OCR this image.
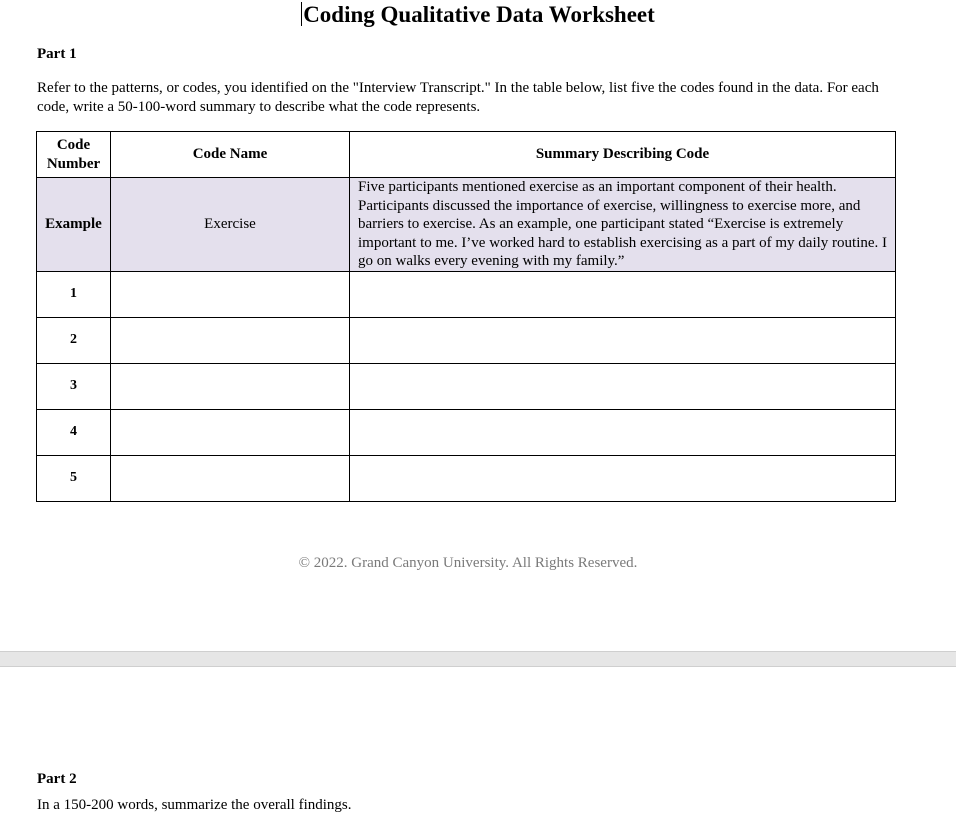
Coding Qualitative Data Worksheet
Part 1
Refer to the patterns, or codes, you identified on the "Interview Transcript." In the table below, list five the codes found in the data. For each code, write a 50-100-word summary to describe what the code represents.
Code Number	Code Name	Summary Describing Code
Example	Exercise	Five participants mentioned exercise as an important component of their health. Participants discussed the importance of exercise, willingness to exercise more, and barriers to exercise. As an example, one participant stated “Exercise is extremely important to me. I’ve worked hard to establish exercising as a part of my daily routine. I go on walks every evening with my family.”
1		
2		
3		
4		
5		
© 2022. Grand Canyon University. All Rights Reserved.
Part 2
In a 150-200 words, summarize the overall findings.
